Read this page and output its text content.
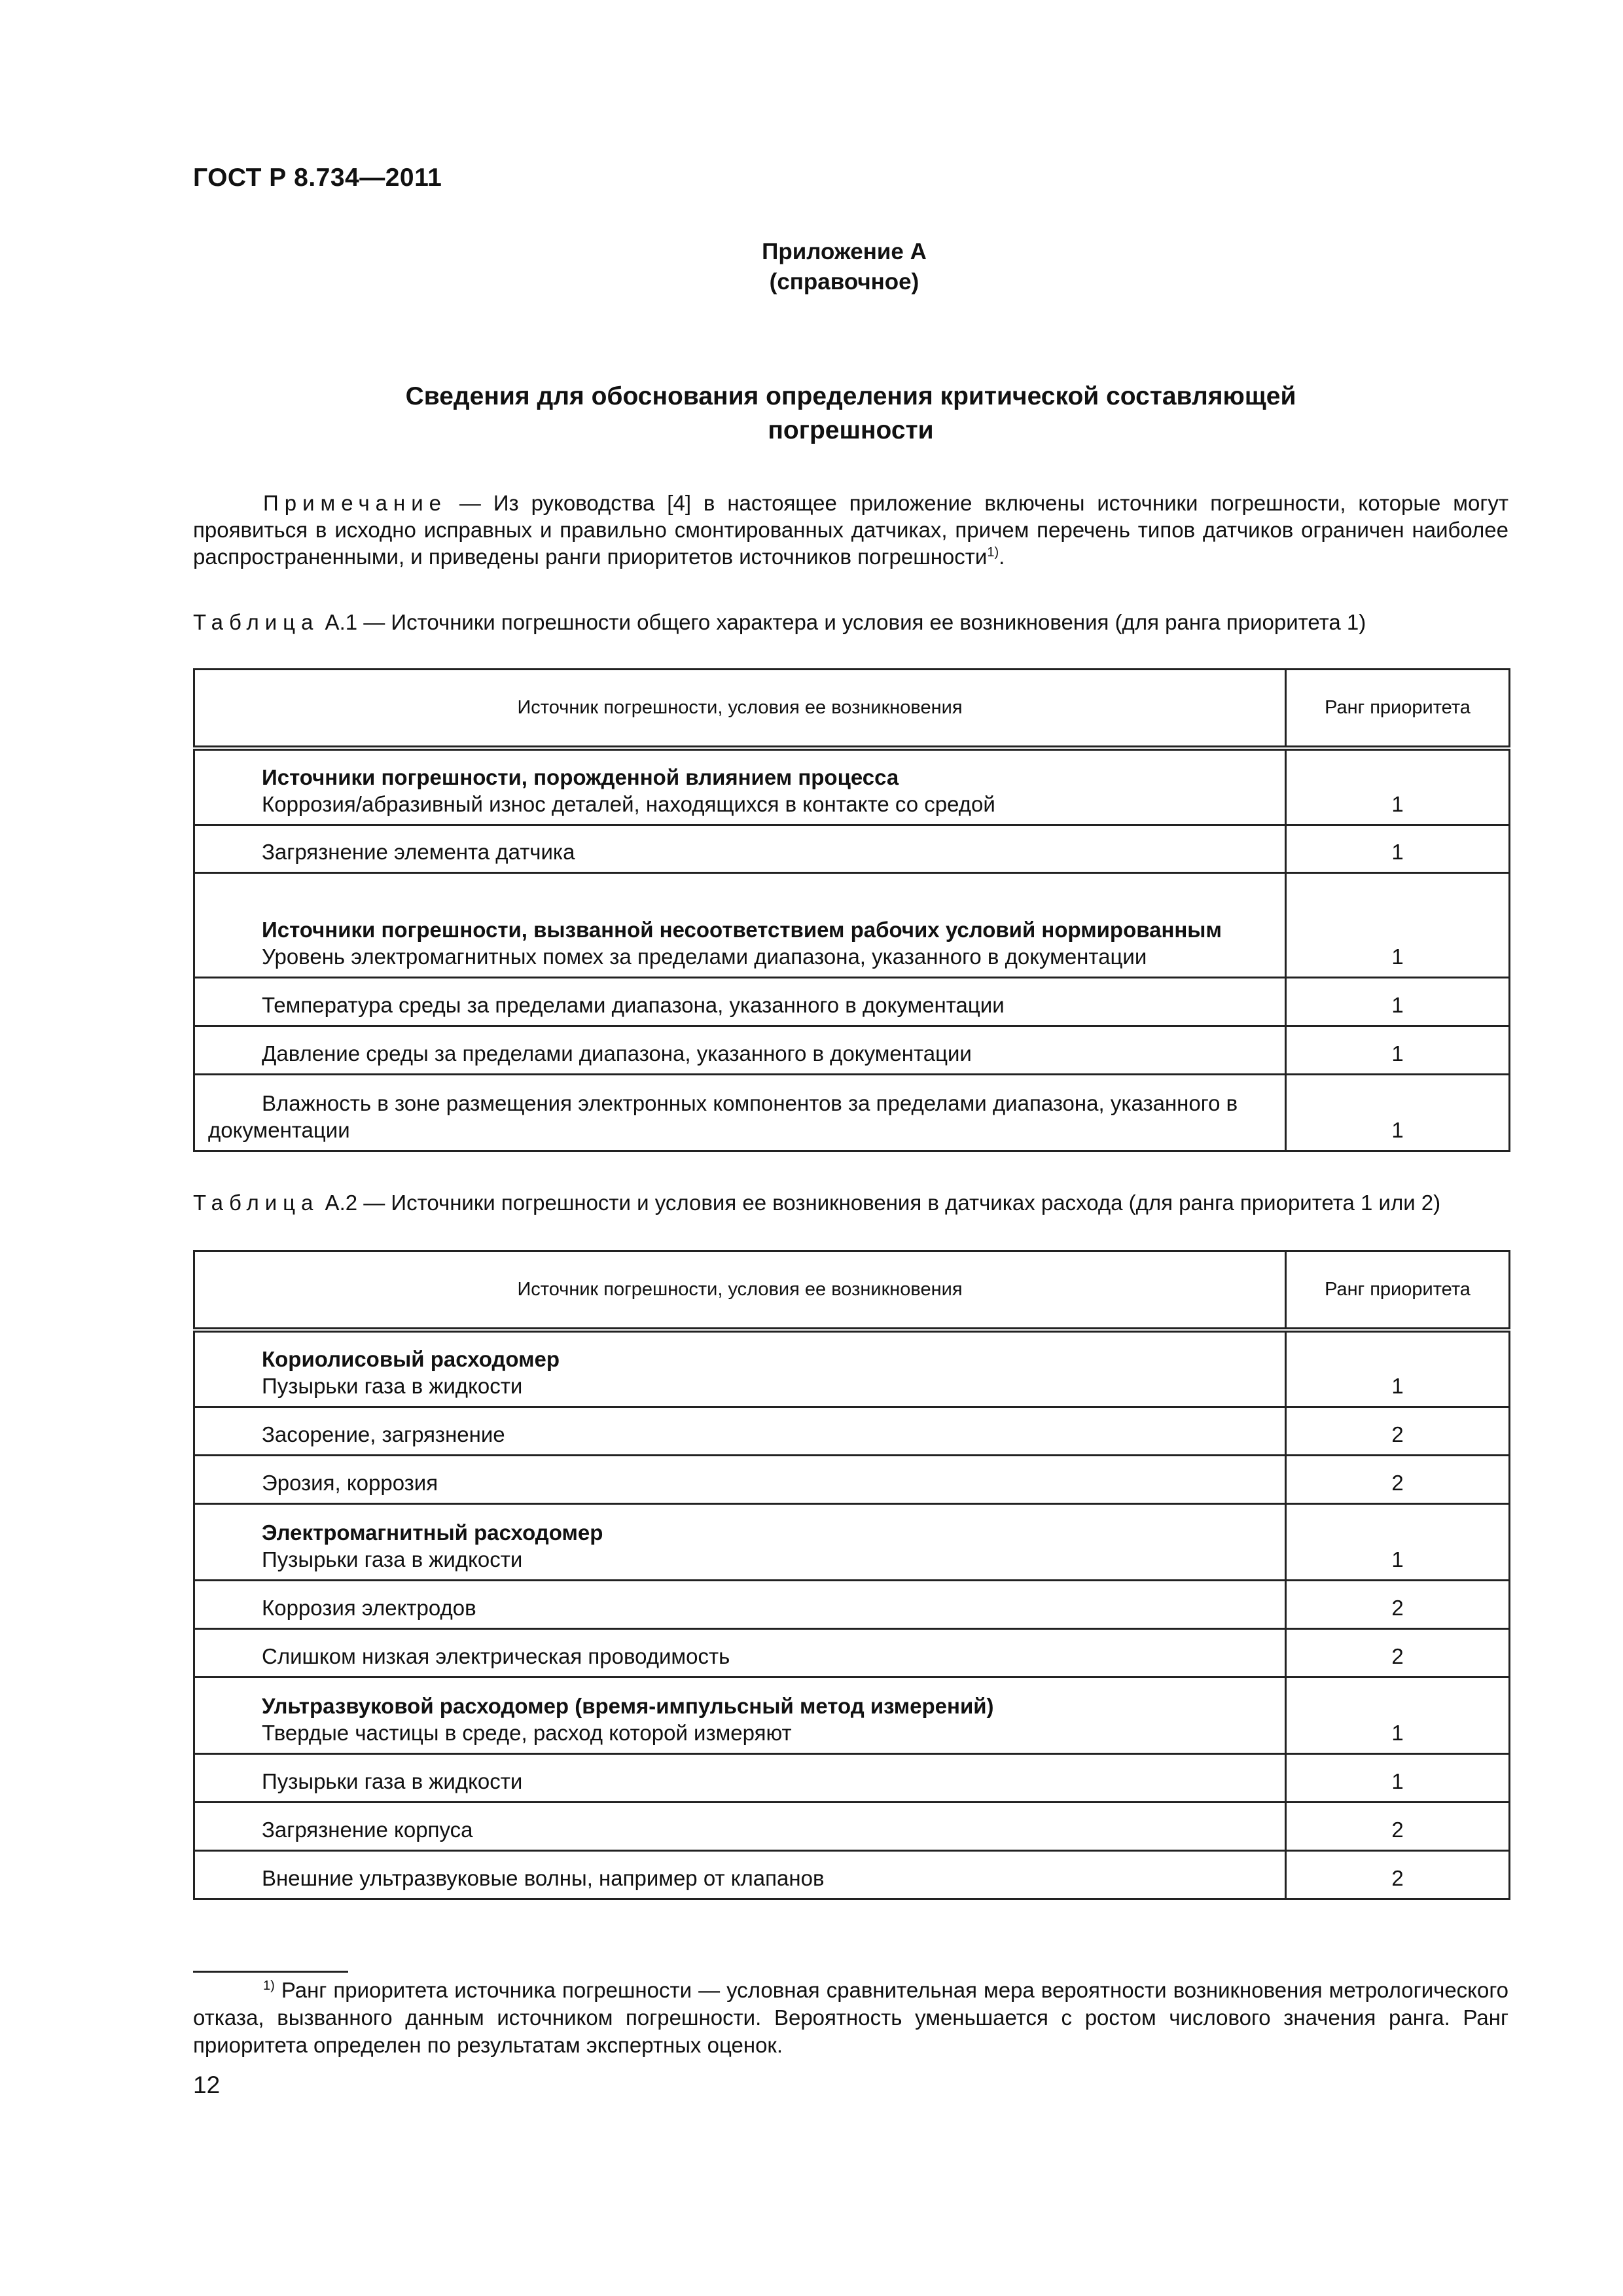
ГОСТ Р 8.734—2011
Приложение А
(справочное)
Сведения для обоснования определения критической составляющей
погрешности
Примечание — Из руководства [4] в настоящее приложение включены источники погрешности, которые могут проявиться в исходно исправных и правильно смонтированных датчиках, причем перечень типов датчиков ограничен наиболее распространенными, и приведены ранги приоритетов источников погрешности$^{1)}$.
Таблица А.1 — Источники погрешности общего характера и условия ее возникновения (для ранга приоритета 1)
Источник погрешности, условия ее возникновения	Ранг приоритета

Источники погрешности, порожденной влиянием процесса
Коррозия/абразивный износ деталей, находящихся в контакте со средой	1

Загрязнение элемента датчика	1

Источники погрешности, вызванной несоответствием рабочих условий нормированным
Уровень электромагнитных помех за пределами диапазона, указанного в документации	1

Температура среды за пределами диапазона, указанного в документации	1

Давление среды за пределами диапазона, указанного в документации	1

Влажность в зоне размещения электронных компонентов за пределами диапазона, указанного в документации	1
Таблица А.2 — Источники погрешности и условия ее возникновения в датчиках расхода (для ранга приоритета 1 или 2)
Источник погрешности, условия ее возникновения	Ранг приоритета

Кориолисовый расходомер
Пузырьки газа в жидкости	1

Засорение, загрязнение	2

Эрозия, коррозия	2

Электромагнитный расходомер
Пузырьки газа в жидкости	1

Коррозия электродов	2

Слишком низкая электрическая проводимость	2

Ультразвуковой расходомер (время-импульсный метод измерений)
Твердые частицы в среде, расход которой измеряют	1

Пузырьки газа в жидкости	1

Загрязнение корпуса	2

Внешние ультразвуковые волны, например от клапанов	2
$^{1)}$ Ранг приоритета источника погрешности — условная сравнительная мера вероятности возникновения метрологического отказа, вызванного данным источником погрешности. Вероятность уменьшается с ростом числового значения ранга. Ранг приоритета определен по результатам экспертных оценок.
12
